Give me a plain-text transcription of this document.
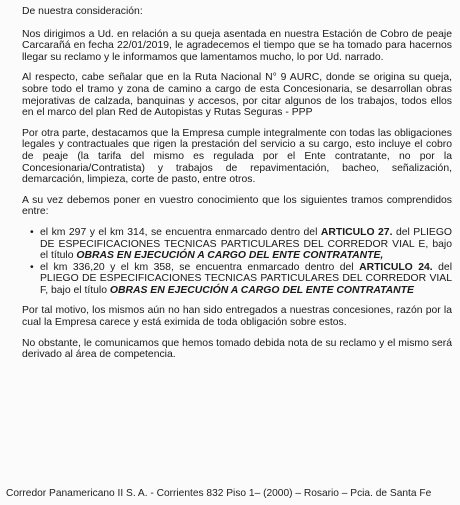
De nuestra consideración:

Nos dirigimos a Ud. en relación a su queja asentada en nuestra Estación de Cobro de peaje Carcarañá en fecha 22/01/2019, le agradecemos el tiempo que se ha tomado para hacernos llegar su reclamo y le informamos que lamentamos mucho, lo por Ud. narrado.

Al respecto, cabe señalar que en la Ruta Nacional N° 9 AURC, donde se origina su queja, sobre todo el tramo y zona de camino a cargo de esta Concesionaria, se desarrollan obras mejorativas de calzada, banquinas y accesos, por citar algunos de los trabajos, todos ellos en el marco del plan Red de Autopistas y Rutas Seguras - PPP

Por otra parte, destacamos que la Empresa cumple integralmente con todas las obligaciones legales y contractuales que rigen la prestación del servicio a su cargo, esto incluye el cobro de peaje (la tarifa del mismo es regulada por el Ente contratante, no por la Concesionaria/Contratista) y trabajos de repavimentación, bacheo, señalización, demarcación, limpieza, corte de pasto, entre otros.

A su vez debemos poner en vuestro conocimiento que los siguientes tramos comprendidos entre:

• el km 297 y el km 314, se encuentra enmarcado dentro del ARTICULO 27. del PLIEGO DE ESPECIFICACIONES TECNICAS PARTICULARES DEL CORREDOR VIAL E, bajo el título OBRAS EN EJECUCIÓN A CARGO DEL ENTE CONTRATANTE,
• el km 336,20 y el km 358, se encuentra enmarcado dentro del ARTICULO 24. del PLIEGO DE ESPECIFICACIONES TECNICAS PARTICULARES DEL CORREDOR VIAL F, bajo el título OBRAS EN EJECUCIÓN A CARGO DEL ENTE CONTRATANTE

Por tal motivo, los mismos aún no han sido entregados a nuestras concesiones, razón por la cual la Empresa carece y está eximida de toda obligación sobre estos.

No obstante, le comunicamos que hemos tomado debida nota de su reclamo y el mismo será derivado al área de competencia.

Corredor Panamericano II S. A. - Corrientes 832 Piso 1– (2000) – Rosario – Pcia. de Santa Fe
